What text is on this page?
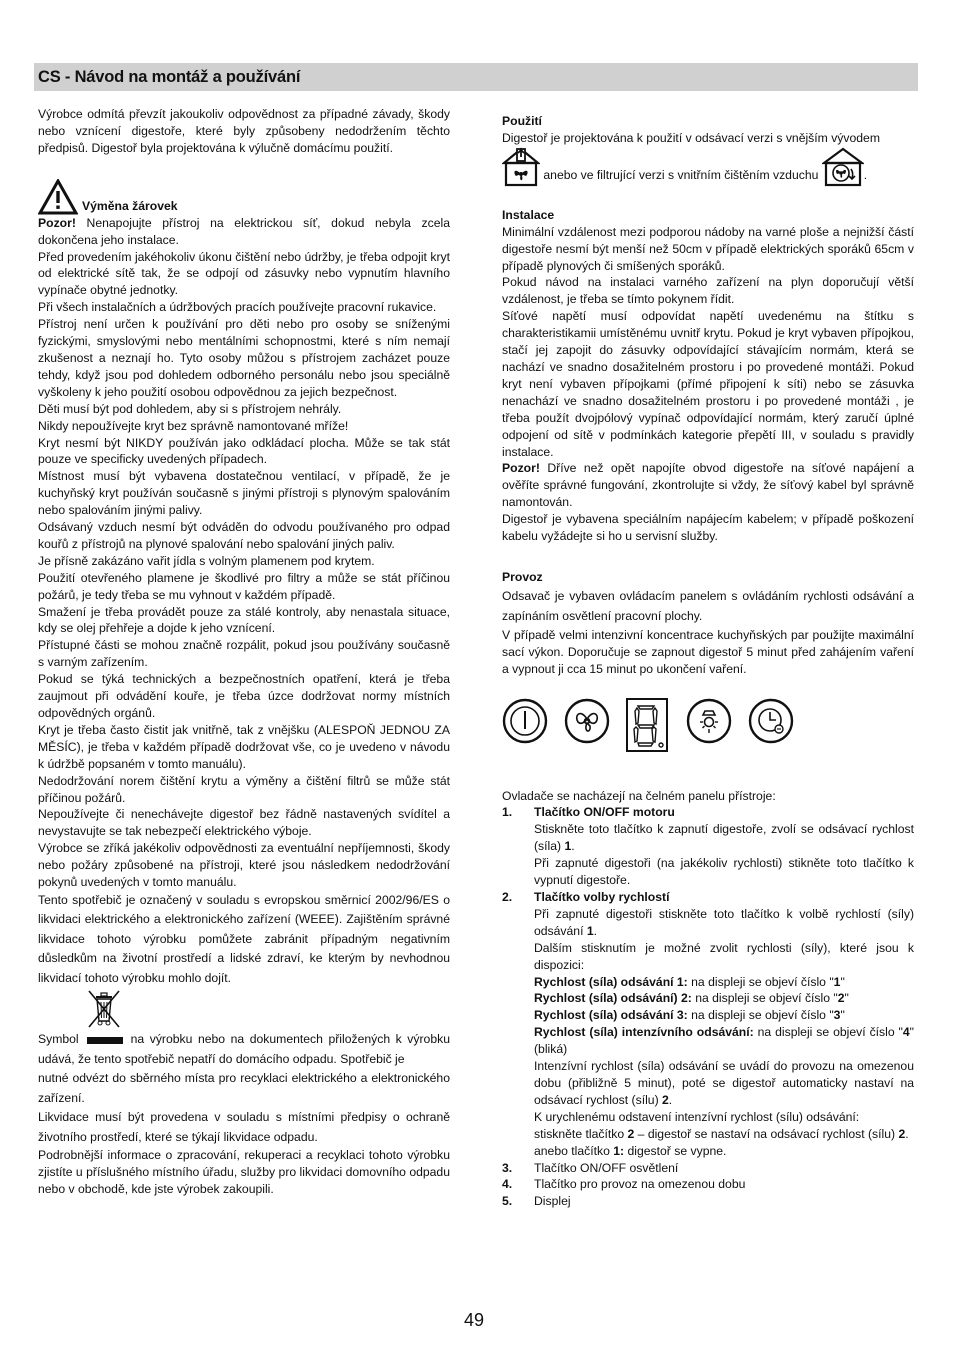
CS - Návod na montáž a používání

Výrobce odmítá převzít jakoukoliv odpovědnost za případné závady, škody nebo vznícení digestoře, které byly způsobeny nedodržením těchto předpisů. Digestoř byla projektována k výlučně domácímu použití.

Výměna žárovek

Pozor! Nenapojujte přístroj na elektrickou síť, dokud nebyla zcela dokončena jeho instalace.

Před provedením jakéhokoliv úkonu čištění nebo údržby, je třeba odpojit kryt od elektrické sítě tak, že se odpojí od zásuvky nebo vypnutím hlavního vypínače obytné jednotky.

Při všech instalačních a údržbových pracích používejte pracovní rukavice.

Přístroj není určen k používání pro děti nebo pro osoby se sníženými fyzickými, smyslovými nebo mentálními schopnostmi, které s ním nemají zkušenost a neznají ho. Tyto osoby můžou s přístrojem zacházet pouze tehdy, když jsou pod dohledem odborného personálu nebo jsou speciálně vyškoleny k jeho použití osobou odpovědnou za jejich bezpečnost.

Děti musí být pod dohledem, aby si s přístrojem nehrály.

Nikdy nepoužívejte kryt bez správně namontované mříže!

Kryt nesmí být NIKDY používán jako odkládací plocha. Může se tak stát pouze ve specificky uvedených případech.

Místnost musí být vybavena dostatečnou ventilací, v případě, že je kuchyňský kryt používán současně s jinými přístroji s plynovým spalováním nebo spalováním jinými palivy.

Odsávaný vzduch nesmí být odváděn do odvodu používaného pro odpad kouřů z přístrojů na plynové spalování nebo spalování jiných paliv.

Je přísně zakázáno vařit jídla s volným plamenem pod krytem.

Použití otevřeného plamene je škodlivé pro filtry a může se stát příčinou požárů, je tedy třeba se mu vyhnout v každém případě.

Smažení je třeba provádět pouze za stálé kontroly, aby nenastala situace, kdy se olej přehřeje a dojde k jeho vznícení.

Přístupné části se mohou značně rozpálit, pokud jsou používány současně s varným zařízením.

Pokud se týká technických a bezpečnostních opatření, která je třeba zaujmout při odvádění kouře, je třeba úzce dodržovat normy místních odpovědných orgánů.

Kryt je třeba často čistit jak vnitřně, tak z vnějšku (ALESPOŇ JEDNOU ZA MĚSÍC), je třeba v každém případě dodržovat vše, co je uvedeno v návodu k údržbě popsaném v tomto manuálu).

Nedodržování norem čištění krytu a výměny a čištění filtrů se může stát příčinou požárů.

Nepoužívejte či nenechávejte digestoř bez řádně nastavených svídítel a nevystavujte se tak nebezpečí elektrického výboje.

Výrobce se zříká jakékoliv odpovědnosti za eventuální nepříjemnosti, škody nebo požáry způsobené na přístroji, které jsou následkem nedodržování pokynů uvedených v tomto manuálu.

Tento spotřebič je označený v souladu s evropskou směrnicí 2002/96/ES o likvidaci elektrického a elektronického zařízení (WEEE). Zajištěním správné likvidace tohoto výrobku pomůžete zabránit případným negativním důsledkům na životní prostředí a lidské zdraví, ke kterým by nevhodnou likvidací tohoto výrobku mohlo dojít.

Symbol	na výrobku nebo na dokumentech přiložených k výrobku udává, že tento spotřebič nepatří do domácího odpadu. Spotřebič je

nutné odvézt do sběrného místa pro recyklaci elektrického a elektronického zařízení.

Likvidace musí být provedena v souladu s místními předpisy o ochraně životního prostředí, které se týkají likvidace odpadu.

Podrobnější informace o zpracování, rekuperaci a recyklaci tohoto výrobku zjistíte u příslušného místního úřadu, služby pro likvidaci domovního odpadu nebo v obchodě, kde jste výrobek zakoupili.

Použití

Digestoř je projektována k použití v odsávací verzi s vnějším vývodem

anebo ve filtrující verzi s vnitřním čištěním vzduchu	.

Instalace

Minimální vzdálenost mezi podporou nádoby na varné ploše a nejnižší částí digestoře nesmí být menší než 50cm v případě elektrických sporáků 65cm v případě plynových či smíšených sporáků.

Pokud návod na instalaci varného zařízení na plyn doporučují větší vzdálenost, je třeba se tímto pokynem řídit.

Síťové napětí musí odpovídat napětí uvedenému na štítku s charakteristikamii umístěnému uvnitř krytu. Pokud je kryt vybaven přípojkou, stačí jej zapojit do zásuvky odpovídající stávajícím normám, která se nachází ve snadno dosažitelném prostoru i po provedené montáži. Pokud kryt není vybaven přípojkami (přímé připojení k síti) nebo se zásuvka nenachází ve snadno dosažitelném prostoru i po provedené montáži , je třeba použít dvojpólový vypínač odpovídající normám, který zaručí úplné odpojení od sítě v podmínkách kategorie přepětí III, v souladu s pravidly instalace.

Pozor! Dříve než opět napojíte obvod digestoře na síťové napájení a ověříte správné fungování, zkontrolujte si vždy, že síťový kabel byl správně namontován.

Digestoř je vybavena speciálním napájecím kabelem; v případě poškození kabelu vyžádejte si ho u servisní služby.

Provoz

Odsavač je vybaven ovládacím panelem s ovládáním rychlosti odsávání a zapínáním osvětlení pracovní plochy.

V případě velmi intenzivní koncentrace kuchyňských par použijte maximální sací výkon. Doporučuje se zapnout digestoř 5 minut před zahájením vaření a vypnout ji cca 15 minut po ukončení vaření.

Ovladače se nacházejí na čelném panelu přístroje:

1. Tlačítko ON/OFF motoru

Stiskněte toto tlačítko k zapnutí digestoře, zvolí se odsávací rychlost (síla) 1.

Při zapnuté digestoři (na jakékoliv rychlosti) stikněte toto tlačítko k vypnutí digestoře.

2. Tlačítko volby rychlostí

Při zapnuté digestoři stiskněte toto tlačítko k volbě rychlostí (síly) odsávání 1.

Dalším stisknutím je možné zvolit rychlosti (síly), které jsou k dispozici:

Rychlost (síla) odsávání 1: na displeji se objeví číslo "1"

Rychlost (síla) odsávání) 2: na displeji se objeví číslo "2"

Rychlost (síla) odsávání 3: na displeji se objeví číslo "3"

Rychlost (síla) intenzívního odsávání: na displeji se objeví číslo "4" (bliká)

Intenzívní rychlost (síla) odsávání se uvádí do provozu na omezenou dobu (přibližně 5 minut), poté se digestoř automaticky nastaví na odsávací rychlost (sílu) 2.

K urychlenému odstavení intenzívní rychlost (sílu) odsávání:

stiskněte tlačítko 2 – digestoř se nastaví na odsávací rychlost (sílu) 2.

anebo tlačítko 1: digestoř se vypne.

3. Tlačítko ON/OFF osvětlení
4. Tlačítko pro provoz na omezenou dobu
5. Displej
49
